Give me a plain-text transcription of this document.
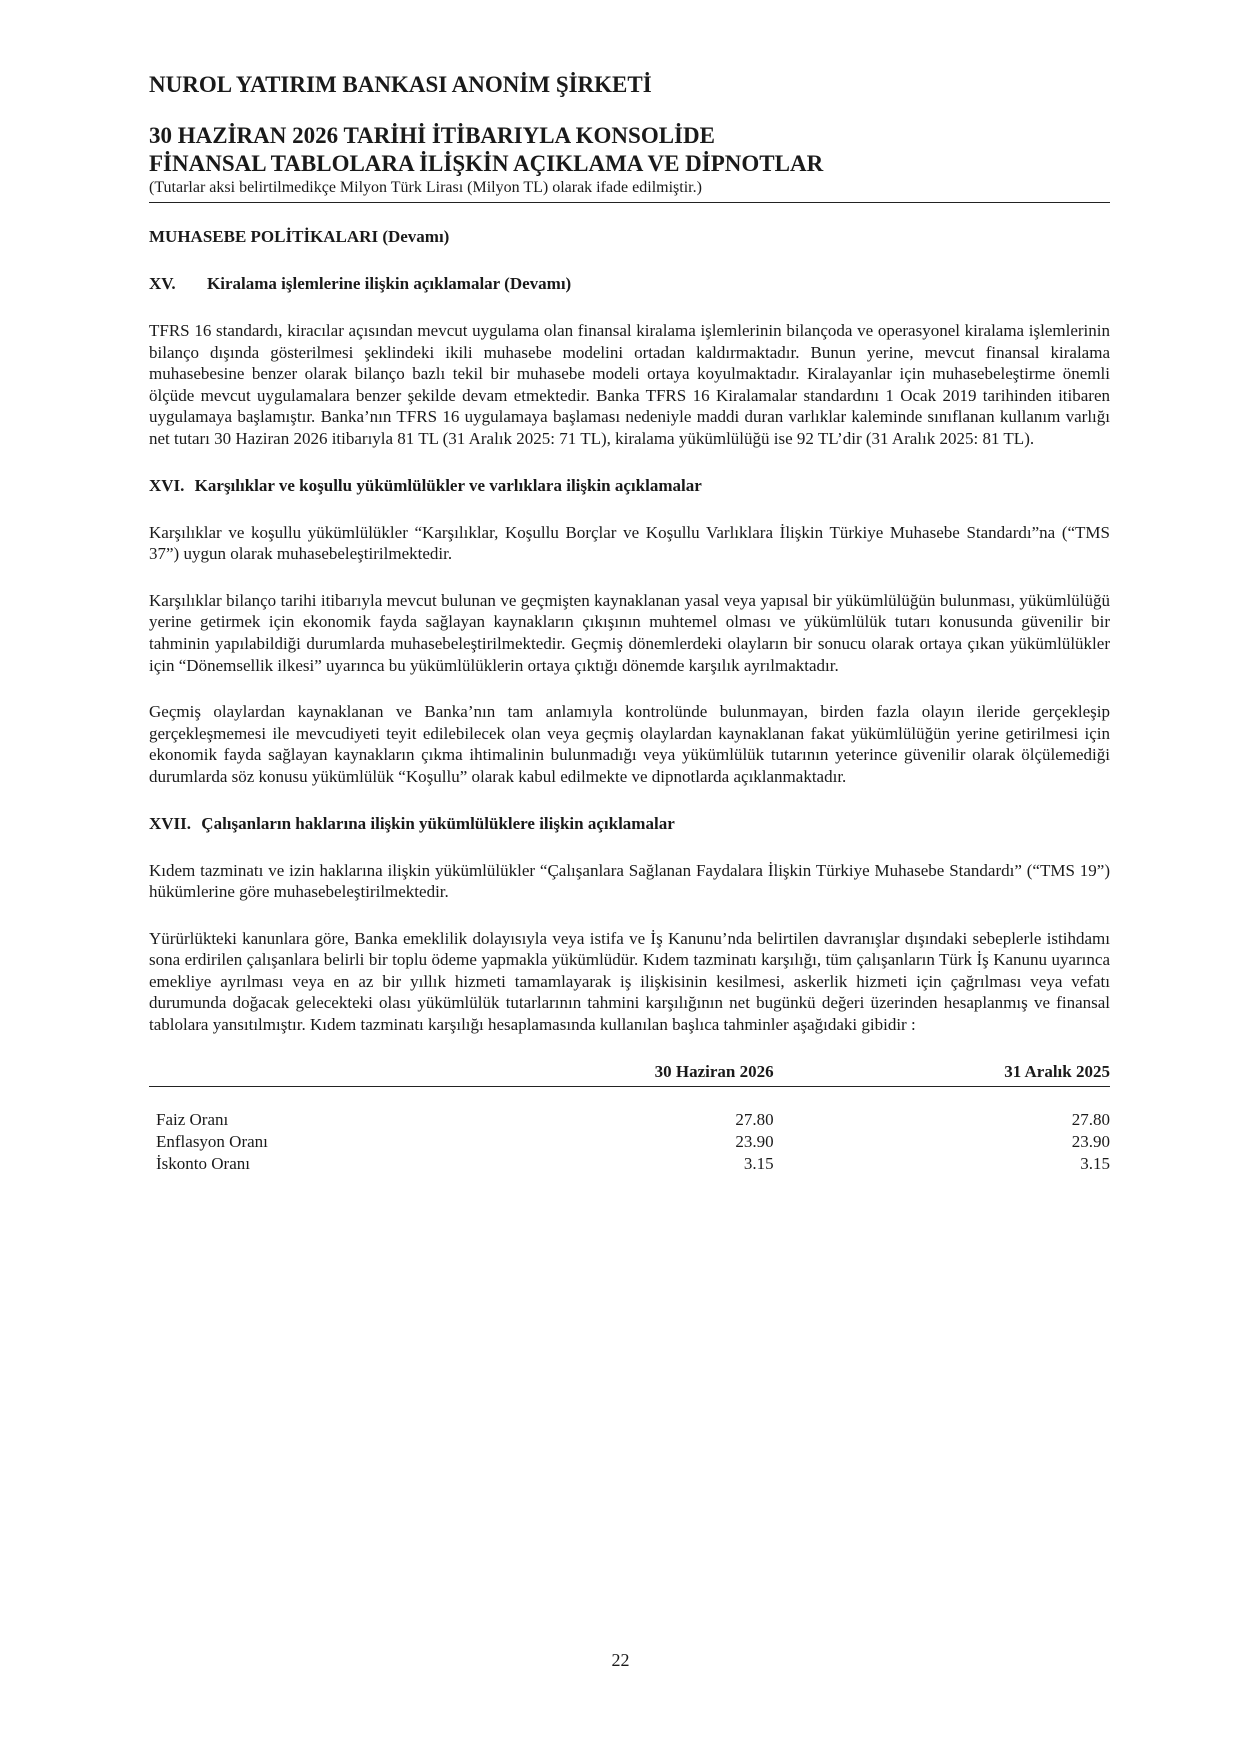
NUROL YATIRIM BANKASI ANONİM ŞİRKETİ
30 HAZİRAN 2026 TARİHİ İTİBARIYLA KONSOLİDE
FİNANSAL TABLOLARA İLİŞKİN AÇIKLAMA VE DİPNOTLAR
(Tutarlar aksi belirtilmedikçe Milyon Türk Lirası (Milyon TL) olarak ifade edilmiştir.)
MUHASEBE POLİTİKALARI (Devamı)
XV.	Kiralama işlemlerine ilişkin açıklamalar (Devamı)

TFRS 16 standardı, kiracılar açısından mevcut uygulama olan finansal kiralama işlemlerinin bilançoda ve operasyonel kiralama işlemlerinin bilanço dışında gösterilmesi şeklindeki ikili muhasebe modelini ortadan kaldırmaktadır. Bunun yerine, mevcut finansal kiralama muhasebesine benzer olarak bilanço bazlı tekil bir muhasebe modeli ortaya koyulmaktadır. Kiralayanlar için muhasebeleştirme önemli ölçüde mevcut uygulamalara benzer şekilde devam etmektedir. Banka TFRS 16 Kiralamalar standardını 1 Ocak 2019 tarihinden itibaren uygulamaya başlamıştır. Banka’nın TFRS 16 uygulamaya başlaması nedeniyle maddi duran varlıklar kaleminde sınıflanan kullanım varlığı net tutarı 30 Haziran 2026 itibarıyla 81 TL (31 Aralık 2025: 71 TL), kiralama yükümlülüğü ise 92 TL’dir (31 Aralık 2025: 81 TL).

XVI. Karşılıklar ve koşullu yükümlülükler ve varlıklara ilişkin açıklamalar

Karşılıklar ve koşullu yükümlülükler “Karşılıklar, Koşullu Borçlar ve Koşullu Varlıklara İlişkin Türkiye Muhasebe Standardı”na (“TMS 37”) uygun olarak muhasebeleştirilmektedir.

Karşılıklar bilanço tarihi itibarıyla mevcut bulunan ve geçmişten kaynaklanan yasal veya yapısal bir yükümlülüğün bulunması, yükümlülüğü yerine getirmek için ekonomik fayda sağlayan kaynakların çıkışının muhtemel olması ve yükümlülük tutarı konusunda güvenilir bir tahminin yapılabildiği durumlarda muhasebeleştirilmektedir. Geçmiş dönemlerdeki olayların bir sonucu olarak ortaya çıkan yükümlülükler için “Dönemsellik ilkesi” uyarınca bu yükümlülüklerin ortaya çıktığı dönemde karşılık ayrılmaktadır.

Geçmiş olaylardan kaynaklanan ve Banka’nın tam anlamıyla kontrolünde bulunmayan, birden fazla olayın ileride gerçekleşip gerçekleşmemesi ile mevcudiyeti teyit edilebilecek olan veya geçmiş olaylardan kaynaklanan fakat yükümlülüğün yerine getirilmesi için ekonomik fayda sağlayan kaynakların çıkma ihtimalinin bulunmadığı veya yükümlülük tutarının yeterince güvenilir olarak ölçülemediği durumlarda söz konusu yükümlülük “Koşullu” olarak kabul edilmekte ve dipnotlarda açıklanmaktadır.

XVII. Çalışanların haklarına ilişkin yükümlülüklere ilişkin açıklamalar

Kıdem tazminatı ve izin haklarına ilişkin yükümlülükler “Çalışanlara Sağlanan Faydalara İlişkin Türkiye Muhasebe Standardı” (“TMS 19”) hükümlerine göre muhasebeleştirilmektedir.

Yürürlükteki kanunlara göre, Banka emeklilik dolayısıyla veya istifa ve İş Kanunu’nda belirtilen davranışlar dışındaki sebeplerle istihdamı sona erdirilen çalışanlara belirli bir toplu ödeme yapmakla yükümlüdür. Kıdem tazminatı karşılığı, tüm çalışanların Türk İş Kanunu uyarınca emekliye ayrılması veya en az bir yıllık hizmeti tamamlayarak iş ilişkisinin kesilmesi, askerlik hizmeti için çağrılması veya vefatı durumunda doğacak gelecekteki olası yükümlülük tutarlarının tahmini karşılığının net bugünkü değeri üzerinden hesaplanmış ve finansal tablolara yansıtılmıştır. Kıdem tazminatı karşılığı hesaplamasında kullanılan başlıca tahminler aşağıdaki gibidir :

	30 Haziran 2026	31 Aralık 2025
Faiz Oranı	27.80	27.80
Enflasyon Oranı	23.90	23.90
İskonto Oranı	3.15	3.15
22
